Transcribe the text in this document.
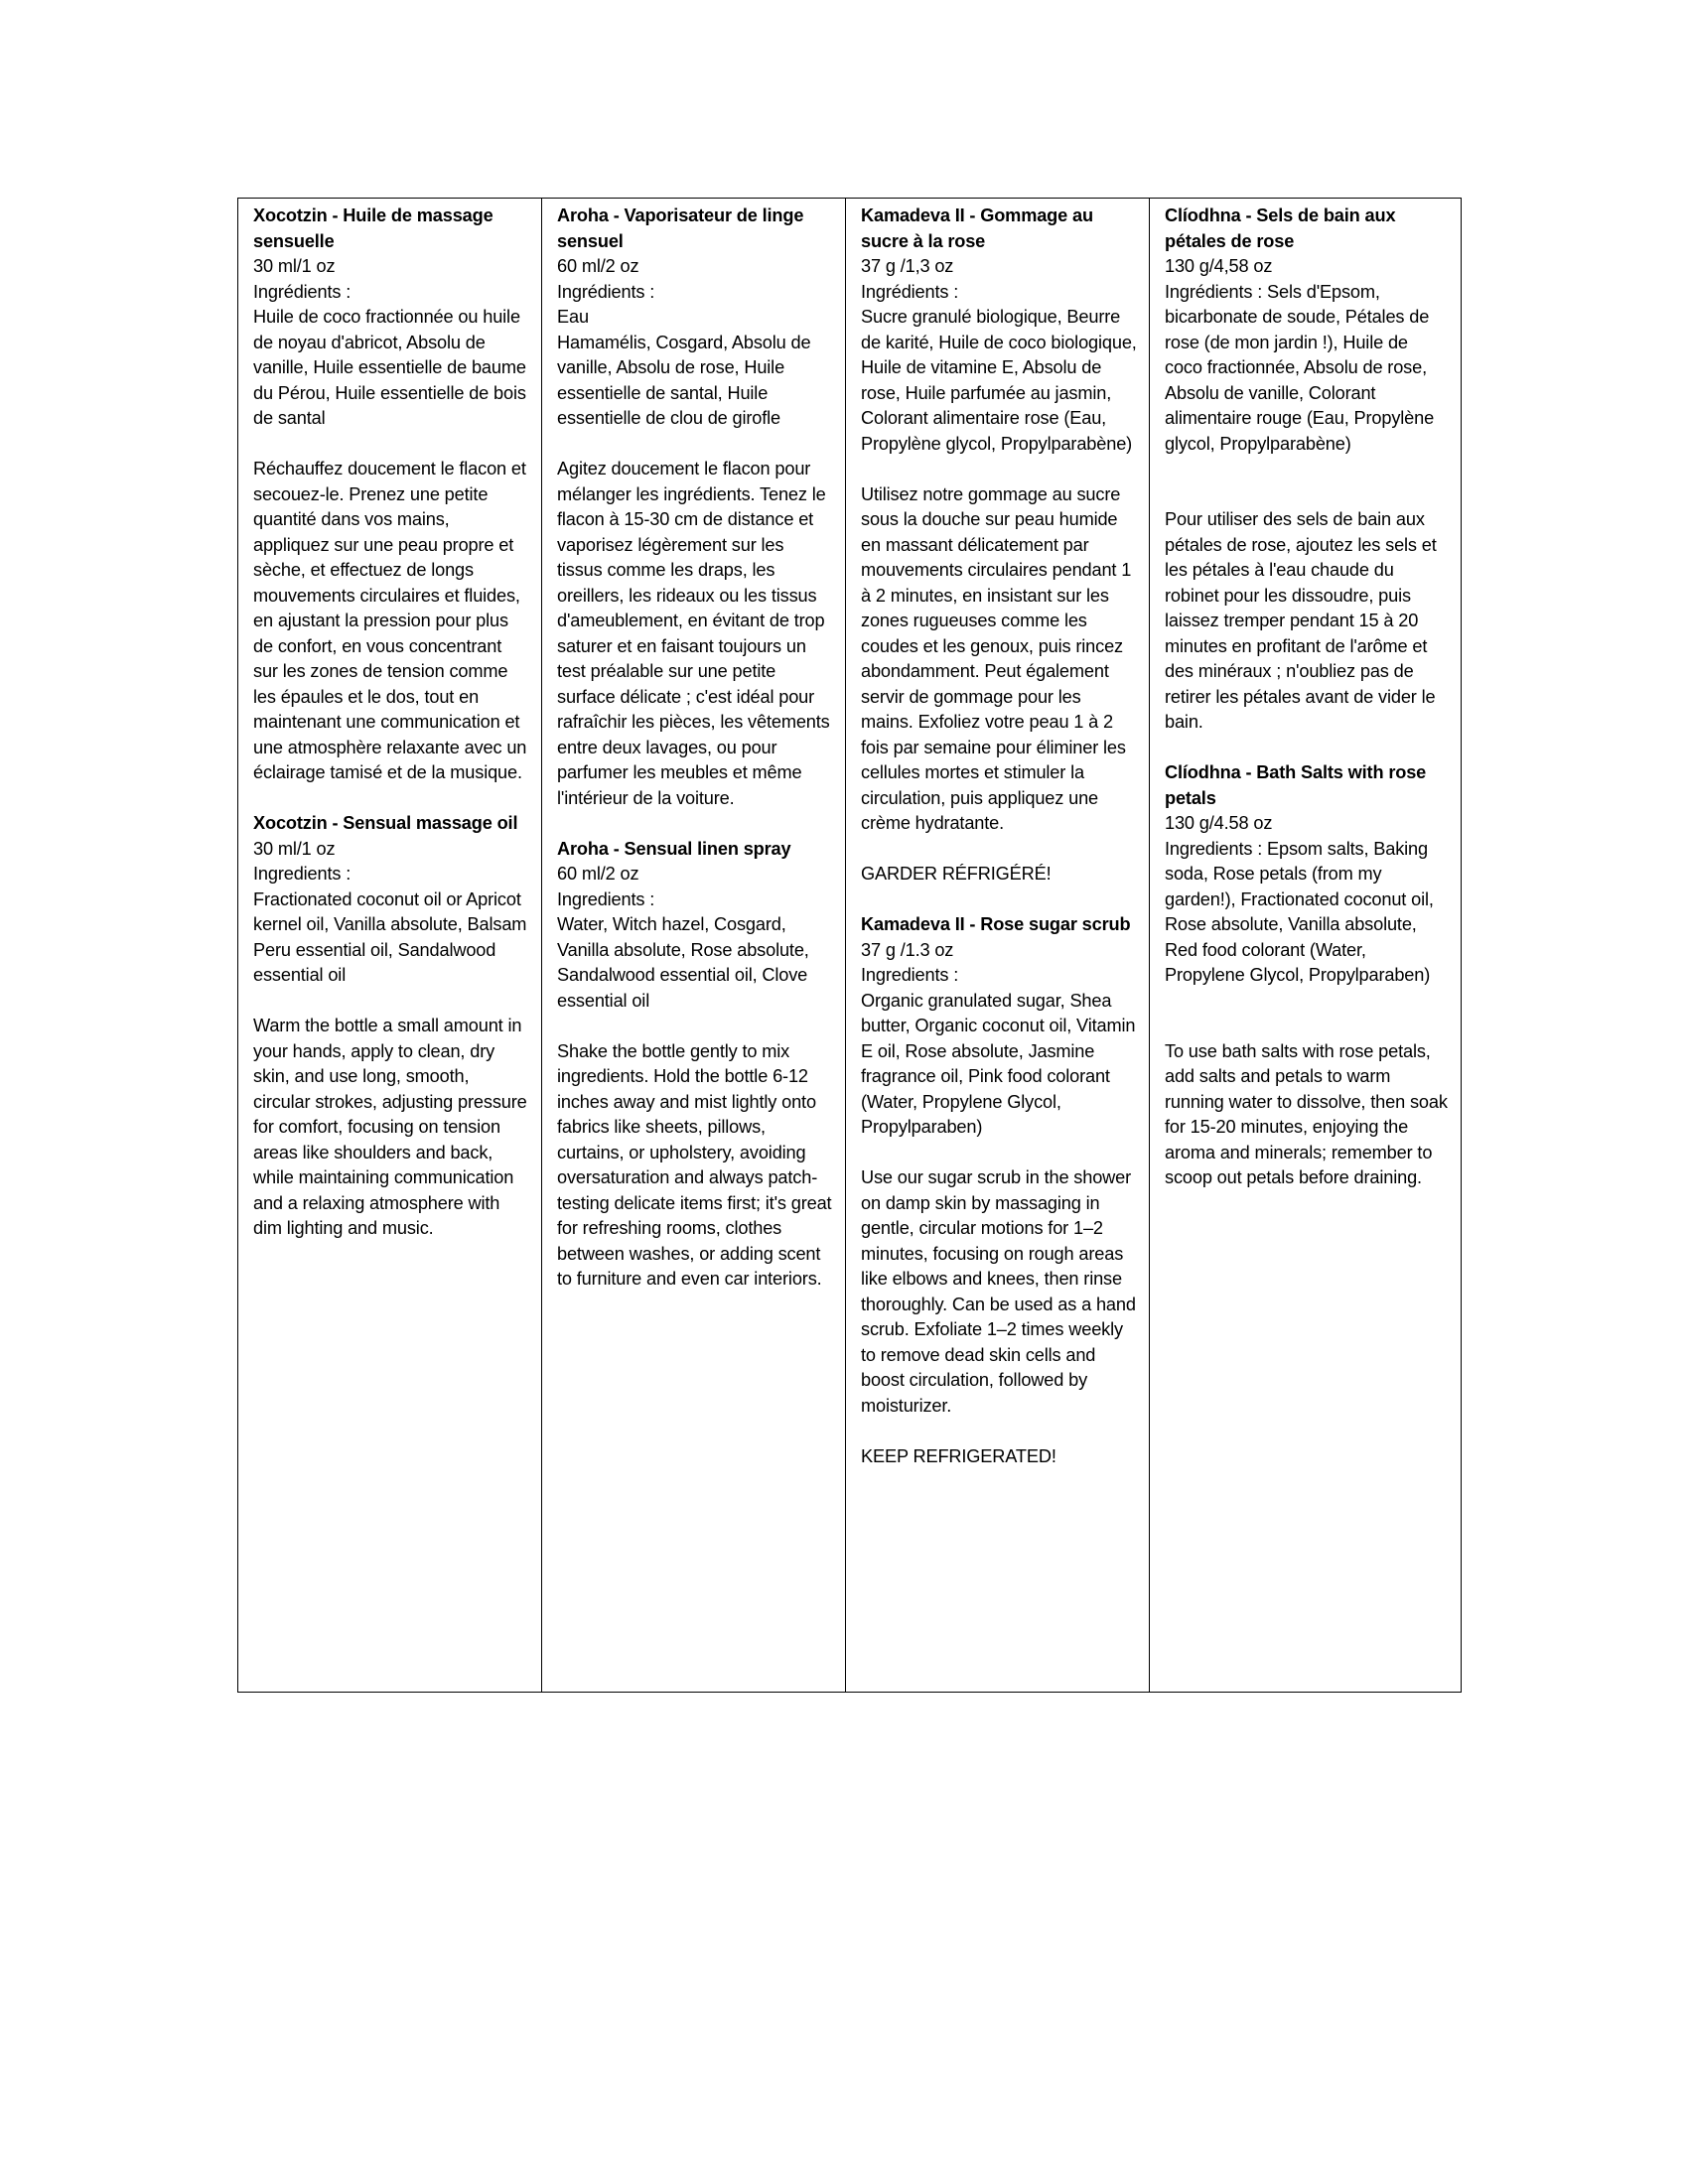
Xocotzin - Huile de massage sensuelle
30 ml/1 oz
Ingrédients :
Huile de coco fractionnée ou huile de noyau d'abricot, Absolu de vanille, Huile essentielle de baume du Pérou, Huile essentielle de bois de santal
Réchauffez doucement le flacon et secouez-le. Prenez une petite quantité dans vos mains, appliquez sur une peau propre et sèche, et effectuez de longs mouvements circulaires et fluides, en ajustant la pression pour plus de confort, en vous concentrant sur les zones de tension comme les épaules et le dos, tout en maintenant une communication et une atmosphère relaxante avec un éclairage tamisé et de la musique.
Xocotzin - Sensual massage oil
30 ml/1 oz
Ingredients :
Fractionated coconut oil or Apricot kernel oil, Vanilla absolute, Balsam Peru essential oil, Sandalwood essential oil
Warm the bottle a small amount in your hands, apply to clean, dry skin, and use long, smooth, circular strokes, adjusting pressure for comfort, focusing on tension areas like shoulders and back, while maintaining communication and a relaxing atmosphere with dim lighting and music.

Aroha - Vaporisateur de linge sensuel
60 ml/2 oz
Ingrédients :
Eau
Hamamélis, Cosgard, Absolu de vanille, Absolu de rose, Huile essentielle de santal, Huile essentielle de clou de girofle
Agitez doucement le flacon pour mélanger les ingrédients. Tenez le flacon à 15-30 cm de distance et vaporisez légèrement sur les tissus comme les draps, les oreillers, les rideaux ou les tissus d'ameublement, en évitant de trop saturer et en faisant toujours un test préalable sur une petite surface délicate ; c'est idéal pour rafraîchir les pièces, les vêtements entre deux lavages, ou pour parfumer les meubles et même l'intérieur de la voiture.
Aroha - Sensual linen spray
60 ml/2 oz
Ingredients :
Water, Witch hazel, Cosgard, Vanilla absolute, Rose absolute, Sandalwood essential oil, Clove essential oil
Shake the bottle gently to mix ingredients. Hold the bottle 6-12 inches away and mist lightly onto fabrics like sheets, pillows, curtains, or upholstery, avoiding oversaturation and always patch-testing delicate items first; it's great for refreshing rooms, clothes between washes, or adding scent to furniture and even car interiors.

Kamadeva II - Gommage au sucre à la rose
37 g /1,3 oz
Ingrédients :
Sucre granulé biologique, Beurre de karité, Huile de coco biologique, Huile de vitamine E, Absolu de rose, Huile parfumée au jasmin, Colorant alimentaire rose (Eau, Propylène glycol, Propylparabène)
Utilisez notre gommage au sucre sous la douche sur peau humide en massant délicatement par mouvements circulaires pendant 1 à 2 minutes, en insistant sur les zones rugueuses comme les coudes et les genoux, puis rincez abondamment. Peut également servir de gommage pour les mains. Exfoliez votre peau 1 à 2 fois par semaine pour éliminer les cellules mortes et stimuler la circulation, puis appliquez une crème hydratante.
GARDER RÉFRIGÉRÉ!
Kamadeva II - Rose sugar scrub
37 g /1.3 oz
Ingredients :
Organic granulated sugar, Shea butter, Organic coconut oil, Vitamin E oil, Rose absolute, Jasmine fragrance oil, Pink food colorant (Water, Propylene Glycol, Propylparaben)
Use our sugar scrub in the shower on damp skin by massaging in gentle, circular motions for 1–2 minutes, focusing on rough areas like elbows and knees, then rinse thoroughly. Can be used as a hand scrub. Exfoliate 1–2 times weekly to remove dead skin cells and boost circulation, followed by moisturizer.
KEEP REFRIGERATED!

Clíodhna - Sels de bain aux pétales de rose
130 g/4,58 oz
Ingrédients : Sels d'Epsom, bicarbonate de soude, Pétales de rose (de mon jardin !), Huile de coco fractionnée, Absolu de rose, Absolu de vanille, Colorant alimentaire rouge (Eau, Propylène glycol, Propylparabène)
Pour utiliser des sels de bain aux pétales de rose, ajoutez les sels et les pétales à l'eau chaude du robinet pour les dissoudre, puis laissez tremper pendant 15 à 20 minutes en profitant de l'arôme et des minéraux ; n'oubliez pas de retirer les pétales avant de vider le bain.
Clíodhna - Bath Salts with rose petals
130 g/4.58 oz
Ingredients : Epsom salts, Baking soda, Rose petals (from my garden!), Fractionated coconut oil, Rose absolute, Vanilla absolute, Red food colorant (Water, Propylene Glycol, Propylparaben)
To use bath salts with rose petals, add salts and petals to warm running water to dissolve, then soak for 15-20 minutes, enjoying the aroma and minerals; remember to scoop out petals before draining.
